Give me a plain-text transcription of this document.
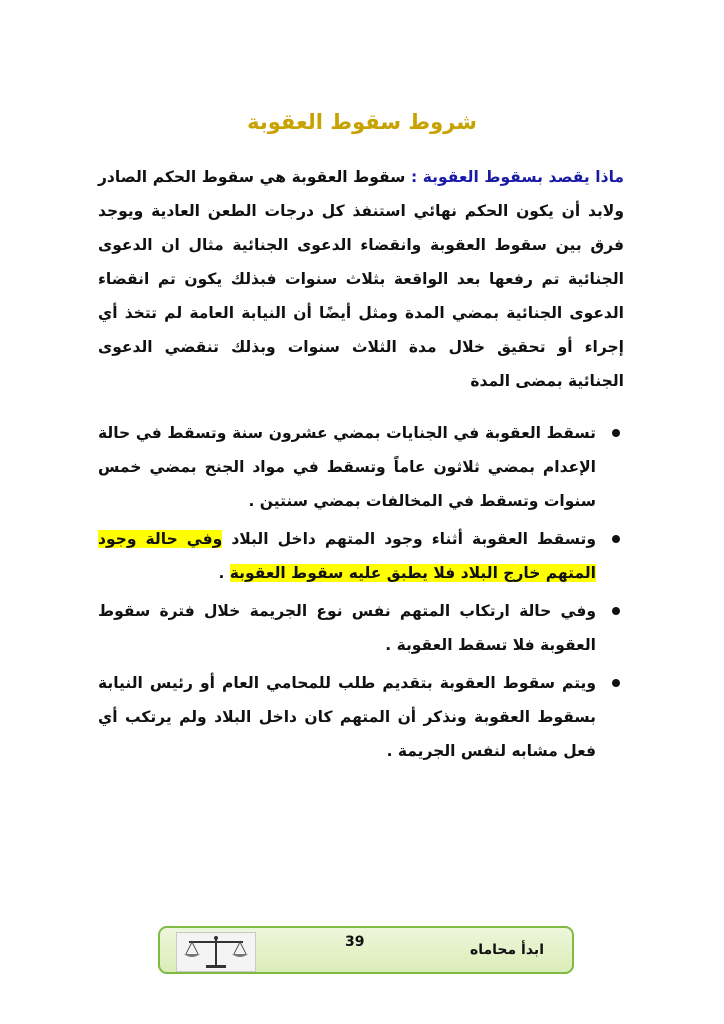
شروط سقوط العقوبة

ماذا يقصد بسقوط العقوبة : سقوط العقوبة هي سقوط الحكم الصادر ولابد أن يكون الحكم نهائي استنفذ كل درجات الطعن العادية ويوجد فرق بين سقوط العقوبة وانقضاء الدعوى الجنائية مثال ان الدعوى الجنائية تم رفعها بعد الواقعة بثلاث سنوات فبذلك يكون تم انقضاء الدعوى الجنائية بمضي المدة ومثل أيضًا أن النيابة العامة لم تتخذ أي إجراء أو تحقيق خلال مدة الثلاث سنوات وبذلك تنقضي الدعوى الجنائية بمضى المدة

تسقط العقوبة في الجنايات بمضي عشرون سنة وتسقط في حالة الإعدام بمضي ثلاثون عاماً وتسقط في مواد الجنح بمضي خمس سنوات وتسقط في المخالفات بمضي سنتين .
وتسقط العقوبة أثناء وجود المتهم داخل البلاد وفي حالة وجود المتهم خارج البلاد فلا يطبق عليه سقوط العقوبة .
وفي حالة ارتكاب المتهم نفس نوع الجريمة خلال فترة سقوط العقوبة فلا تسقط العقوبة .
ويتم سقوط العقوبة بتقديم طلب للمحامي العام أو رئيس النيابة بسقوط العقوبة ونذكر أن المتهم كان داخل البلاد ولم يرتكب أي فعل مشابه لنفس الجريمة .
39	ابدأ محاماه
